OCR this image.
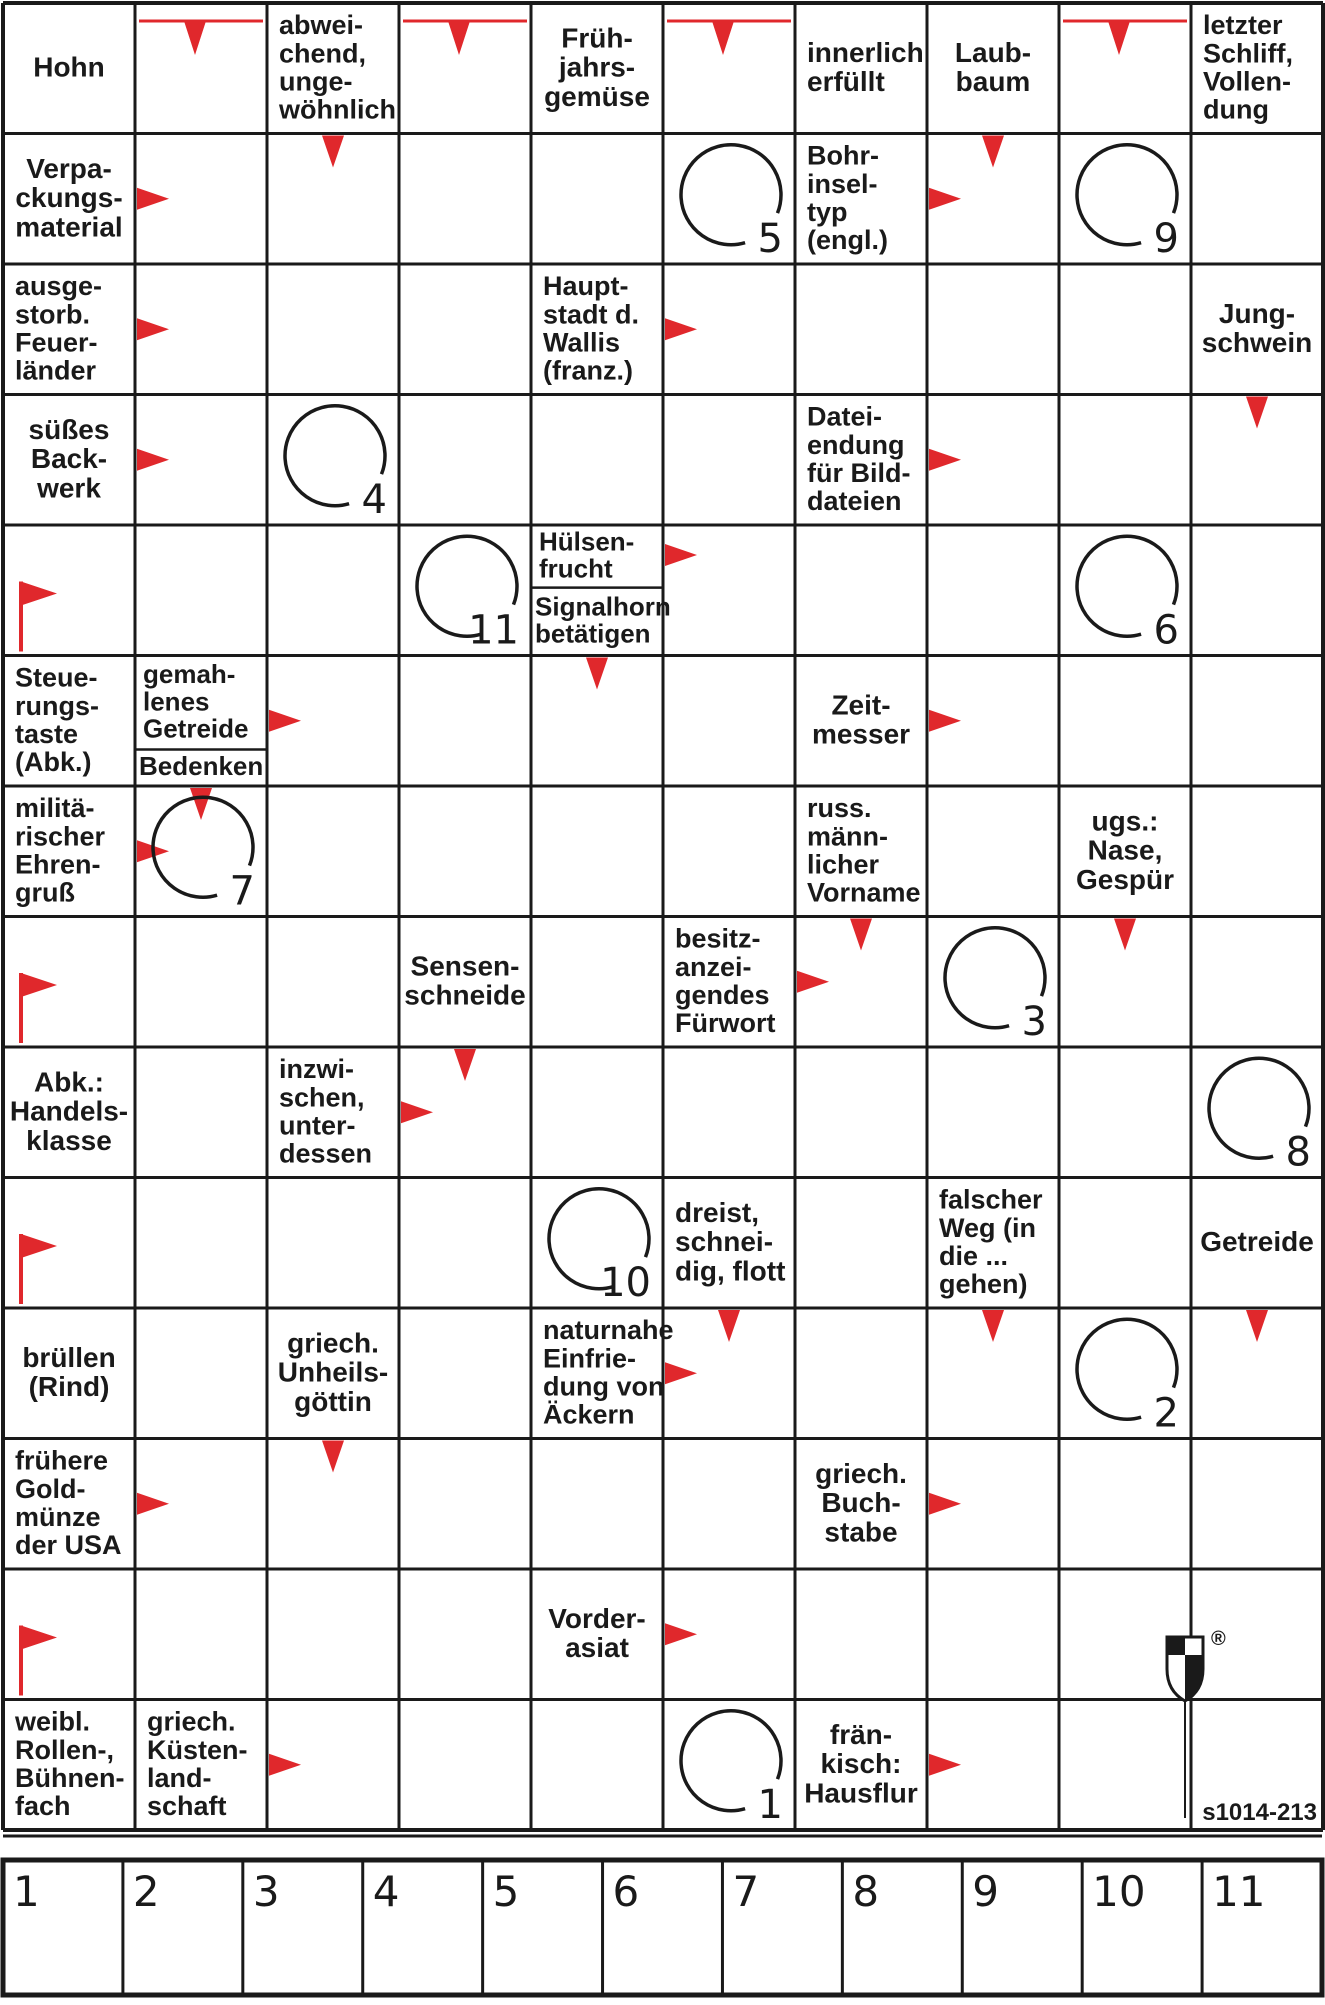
Hohn
abwei-chend, unge-wöhnlich
Früh-jahrs-gemüse
innerlich erfüllt
Laub-baum
letzter Schliff, Vollen-dung
Verpa-ckungs-material
Bohr-insel-typ (engl.)
ausge-storb. Feuer-länder
Haupt-stadt d. Wallis (franz.)
Jung-schwein
süßes Back-werk
Datei-endung für Bild-dateien
Steue-rungs-taste (Abk.)
Zeit-messer
militä-rischer Ehren-gruß
russ. männ-licher Vorname
ugs.: Nase, Gespür
Sensen-schneide
besitz-anzei-gendes Fürwort
Abk.: Handels-klasse
inzwi-schen, unter-dessen
dreist, schnei-dig, flott
falscher Weg (in die ... gehen)
Getreide
brüllen (Rind)
griech. Unheils-göttin
naturnahe Einfrie-dung von Äckern
frühere Gold-münze der USA
griech. Buch-stabe
Vorder-asiat
weibl. Rollen-, Bühnen-fach
griech. Küsten-land-schaft
frän-kisch: Hausflur
Hülsen-frucht
Signalhorn betätigen
gemah-lenes Getreide
Bedenken
5	9
4
11	6
7
3
8
10
2
1
®
s1014-213
1 2 3 4 5 6 7 8 9 10 11
